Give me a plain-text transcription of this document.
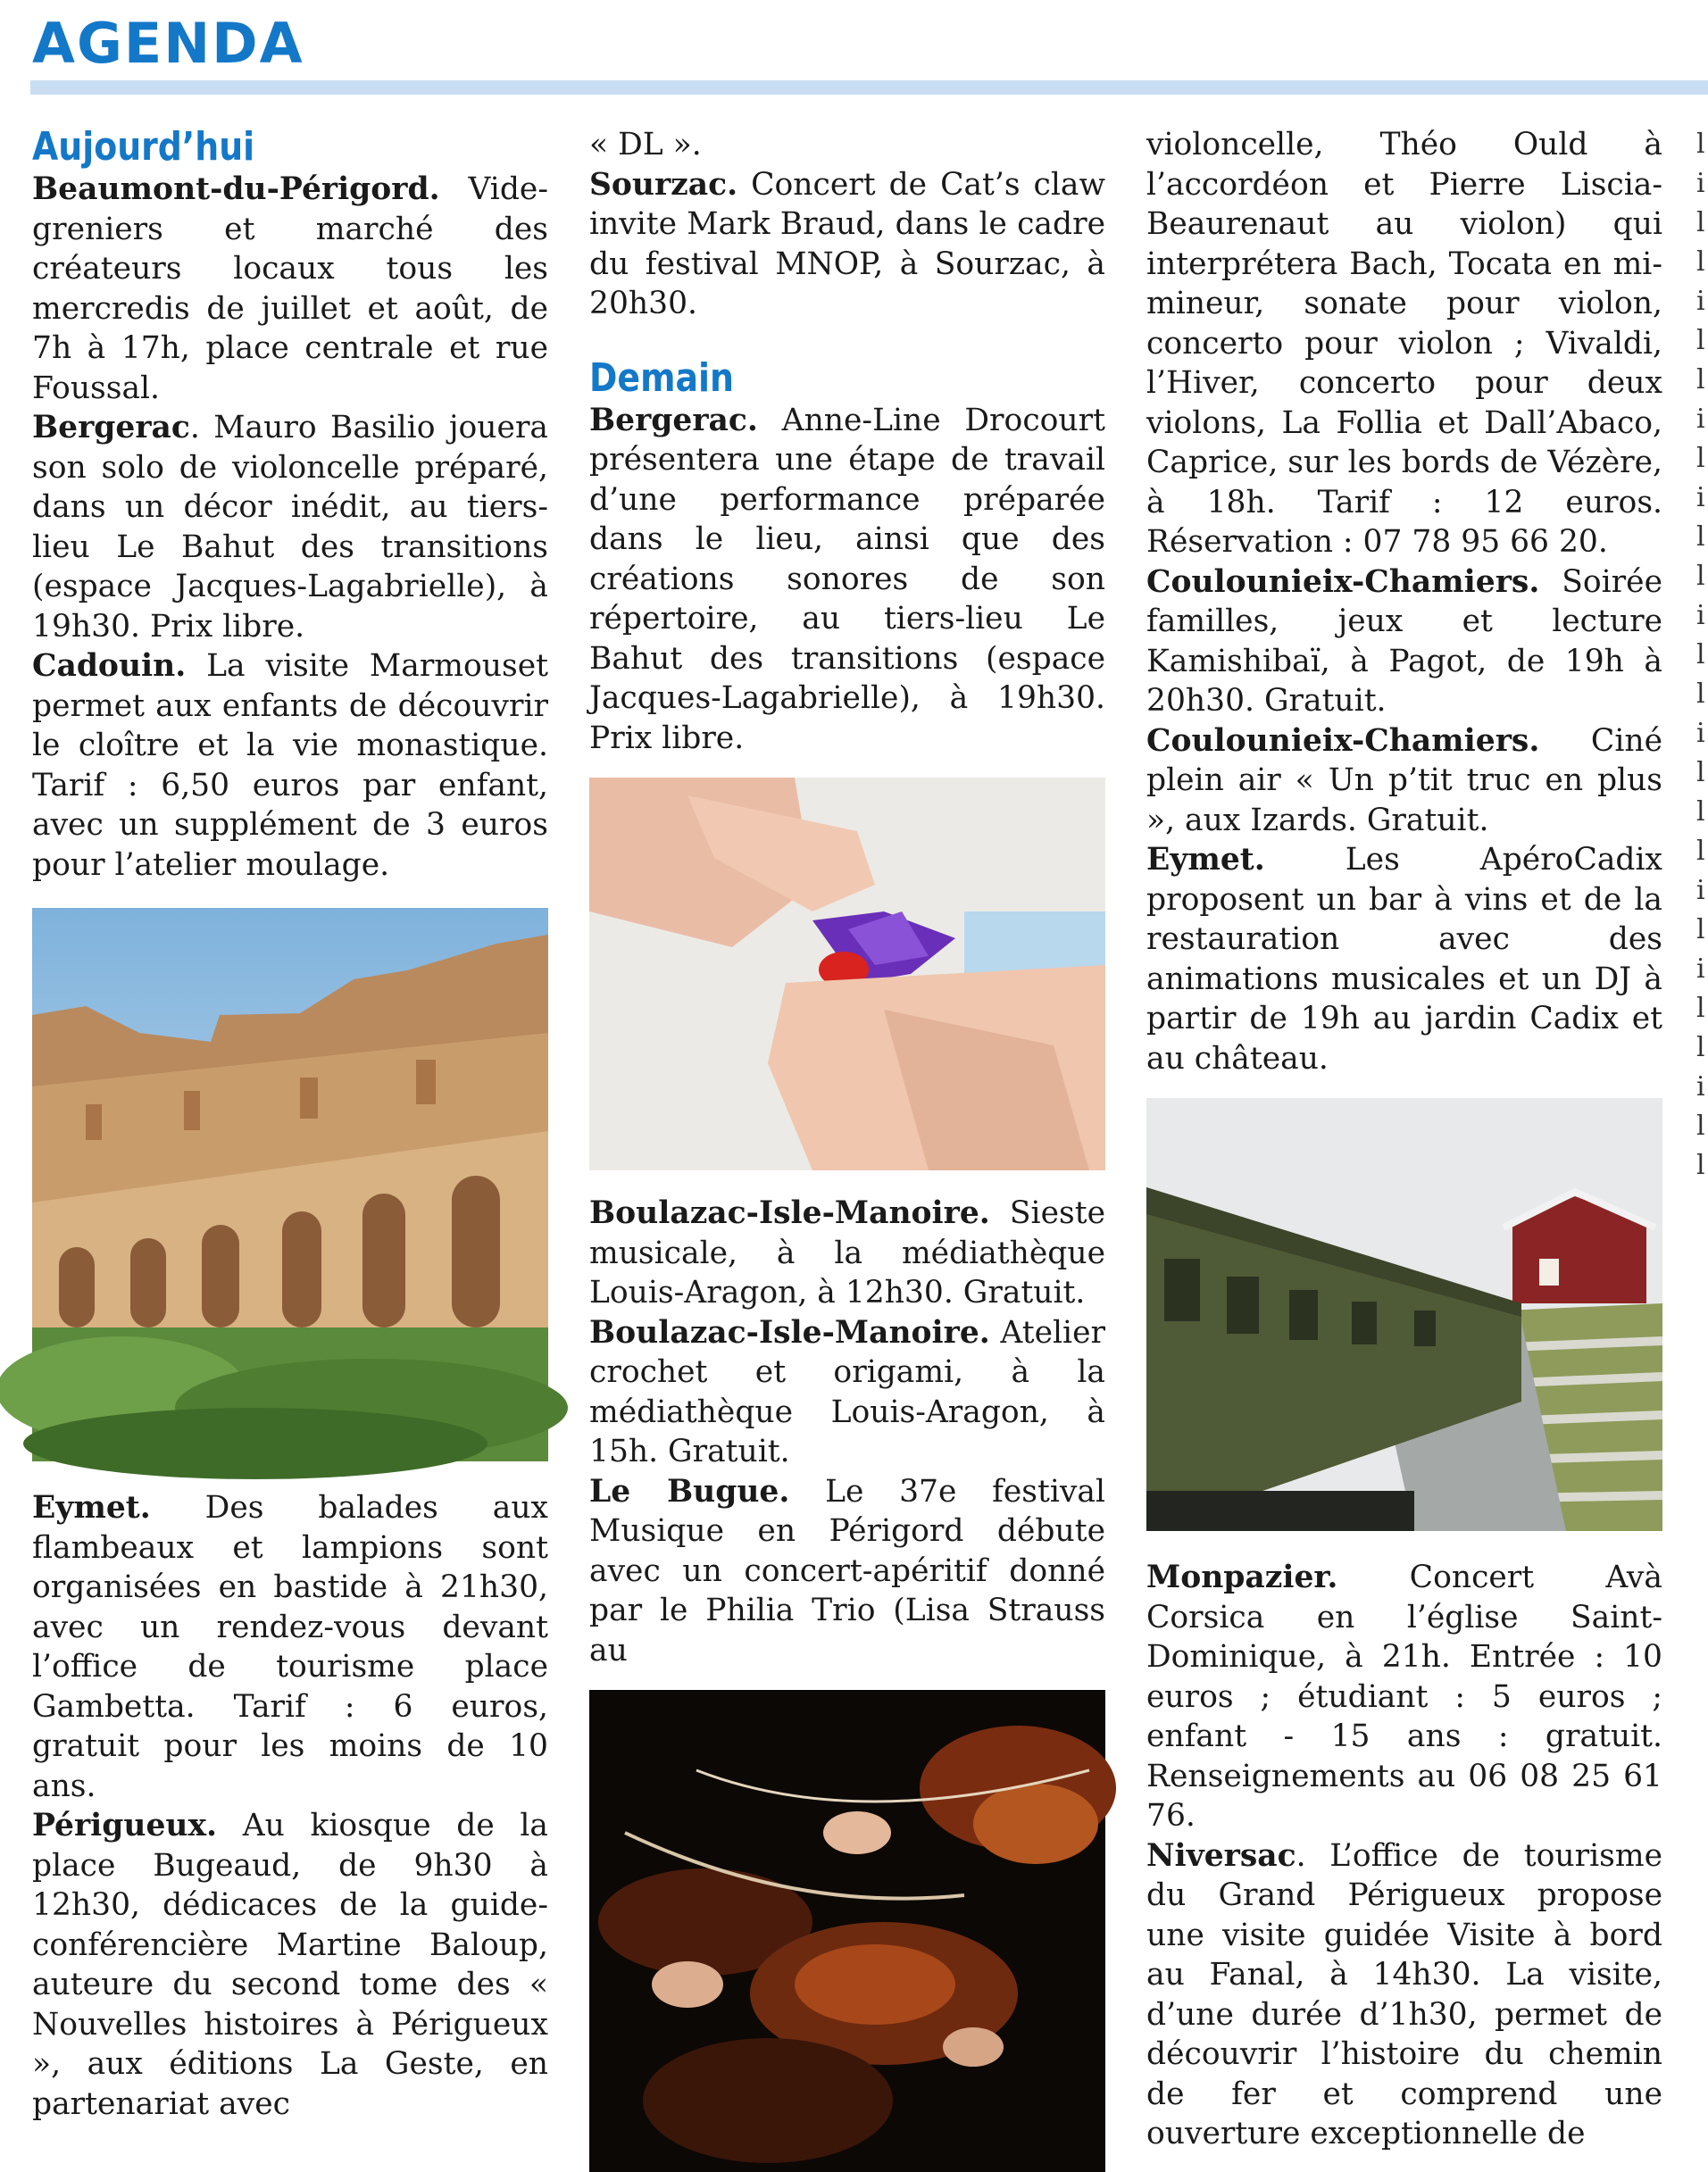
AGENDA
Aujourd’hui

Beaumont-du-Périgord. Vide-greniers et marché des créateurs locaux tous les mercredis de juillet et août, de 7h à 17h, place centrale et rue Foussal.

Bergerac. Mauro Basilio jouera son solo de violoncelle préparé, dans un décor inédit, au tiers-lieu Le Bahut des transitions (espace Jacques-Lagabrielle), à 19h30. Prix libre.

Cadouin. La visite Marmouset permet aux enfants de découvrir le cloître et la vie monastique. Tarif : 6,50 euros par enfant, avec un supplément de 3 euros pour l’atelier moulage.

Eymet. Des balades aux flambeaux et lampions sont organisées en bastide à 21h30, avec un rendez-vous devant l’office de tourisme place Gambetta. Tarif : 6 euros, gratuit pour les moins de 10 ans.

Périgueux. Au kiosque de la place Bugeaud, de 9h30 à 12h30, dédicaces de la guide-conférencière Martine Baloup, auteure du second tome des « Nouvelles histoires à Périgueux », aux éditions La Geste, en partenariat avec

« DL ».

Sourzac. Concert de Cat’s claw invite Mark Braud, dans le cadre du festival MNOP, à Sourzac, à 20h30.

Demain

Bergerac. Anne-Line Drocourt présentera une étape de travail d’une performance préparée dans le lieu, ainsi que des créations sonores de son répertoire, au tiers-lieu Le Bahut des transitions (espace Jacques-Lagabrielle), à 19h30. Prix libre.

Boulazac-Isle-Manoire. Sieste musicale, à la médiathèque Louis-Aragon, à 12h30. Gratuit.

Boulazac-Isle-Manoire. Atelier crochet et origami, à la médiathèque Louis-Aragon, à 15h. Gratuit.

Le Bugue. Le 37e festival Musique en Périgord débute avec un concert-apéritif donné par le Philia Trio (Lisa Strauss au

violoncelle, Théo Ould à l’accordéon et Pierre Liscia-Beaurenaut au violon) qui interprétera Bach, Tocata en mi-mineur, sonate pour violon, concerto pour violon ; Vivaldi, l’Hiver, concerto pour deux violons, La Follia et Dall’Abaco, Caprice, sur les bords de Vézère, à 18h. Tarif : 12 euros. Réservation : 07 78 95 66 20.

Coulounieix-Chamiers. Soirée familles, jeux et lecture Kamishibaï, à Pagot, de 19h à 20h30. Gratuit.

Coulounieix-Chamiers. Ciné plein air « Un p’tit truc en plus », aux Izards. Gratuit.

Eymet. Les ApéroCadix proposent un bar à vins et de la restauration avec des animations musicales et un DJ à partir de 19h au jardin Cadix et au château.

Monpazier. Concert Avà Corsica en l’église Saint-Dominique, à 21h. Entrée : 10 euros ; étudiant : 5 euros ; enfant - 15 ans : gratuit. Renseignements au 06 08 25 61 76.

Niversac. L’office de tourisme du Grand Périgueux propose une visite guidée Visite à bord au Fanal, à 14h30. La visite, d’une durée d’1h30, permet de découvrir l’histoire du chemin de fer et comprend une ouverture exceptionnelle de

l
i
l
l
i
l
l
i
l
i
l
l
i
l
l
i
l
l
l
i
l
i
l
l
i
l
l
